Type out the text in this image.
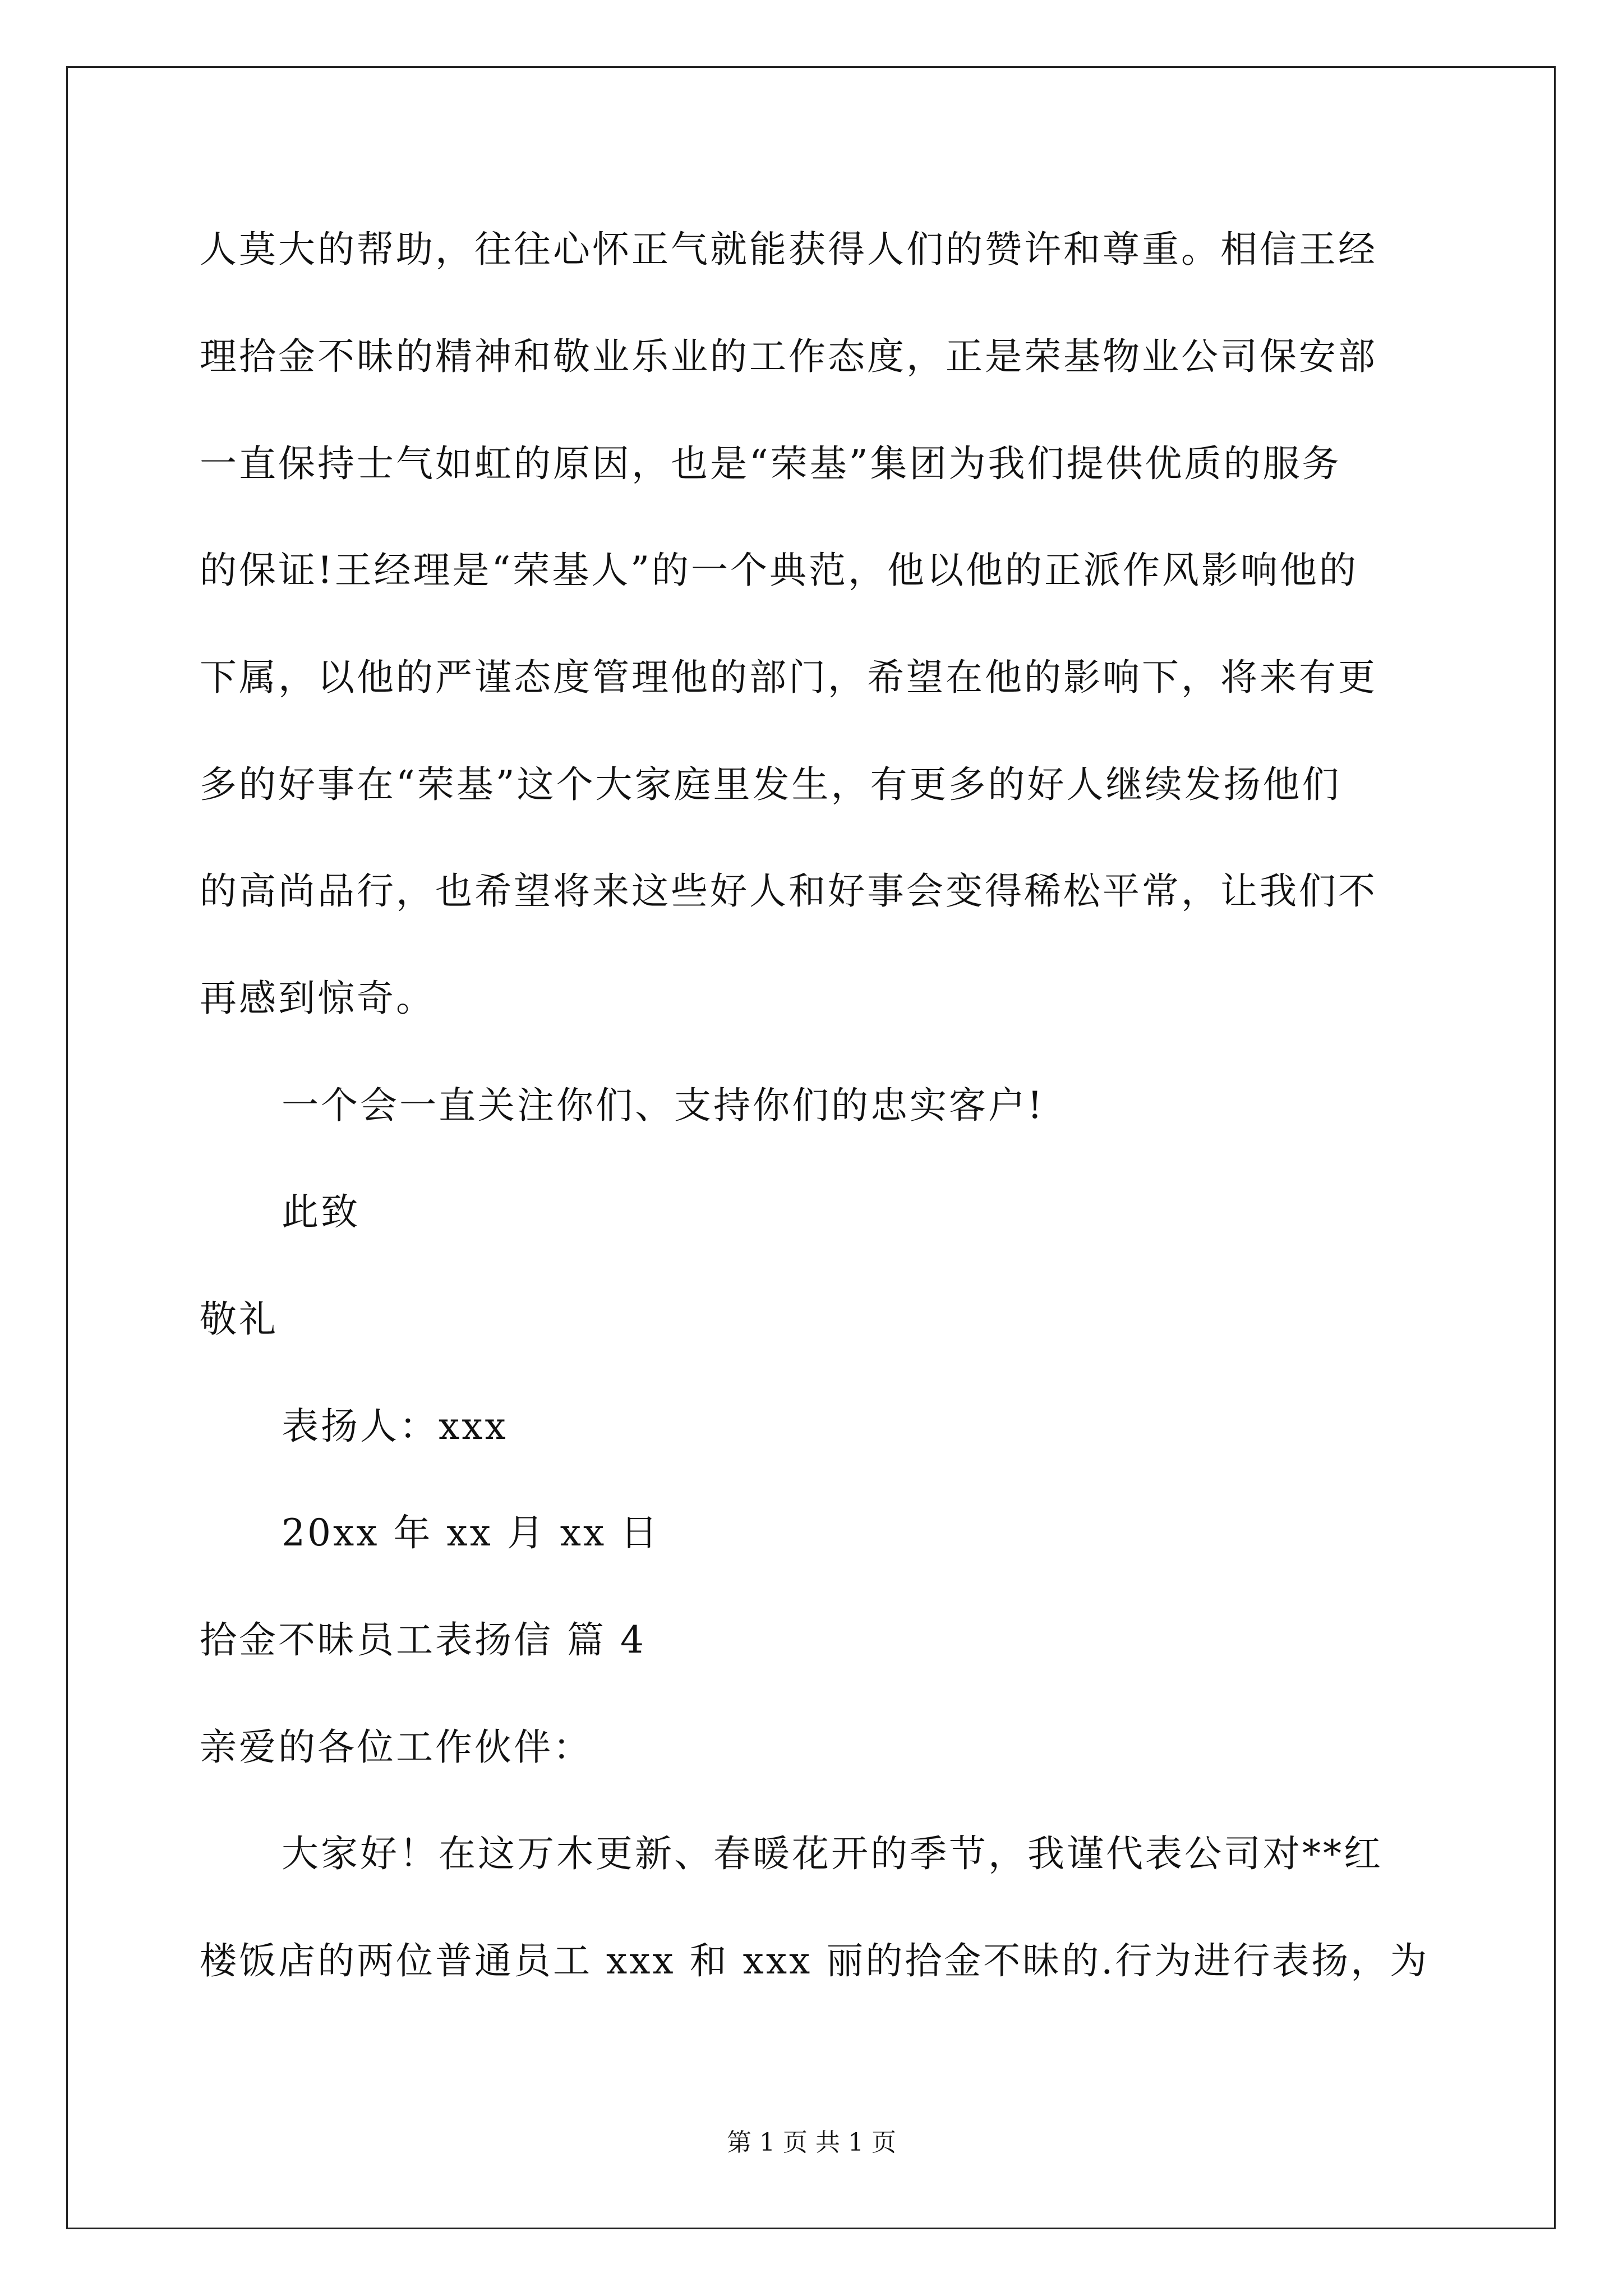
人莫大的帮助，往往心怀正气就能获得人们的赞许和尊重。相信王经
理拾金不昧的精神和敬业乐业的工作态度，正是荣基物业公司保安部
一直保持士气如虹的原因，也是“荣基”集团为我们提供优质的服务
的保证!王经理是“荣基人”的一个典范，他以他的正派作风影响他的
下属，以他的严谨态度管理他的部门，希望在他的影响下，将来有更
多的好事在“荣基”这个大家庭里发生，有更多的好人继续发扬他们
的高尚品行，也希望将来这些好人和好事会变得稀松平常，让我们不
再感到惊奇。
一个会一直关注你们、支持你们的忠实客户!
此致
敬礼
表扬人：xxx
20xx 年 xx 月 xx 日
拾金不昧员工表扬信 篇 4
亲爱的各位工作伙伴：
大家好！在这万木更新、春暖花开的季节，我谨代表公司对**红
楼饭店的两位普通员工 xxx 和 xxx 丽的拾金不昧的.行为进行表扬，为
第 1 页 共 1 页
